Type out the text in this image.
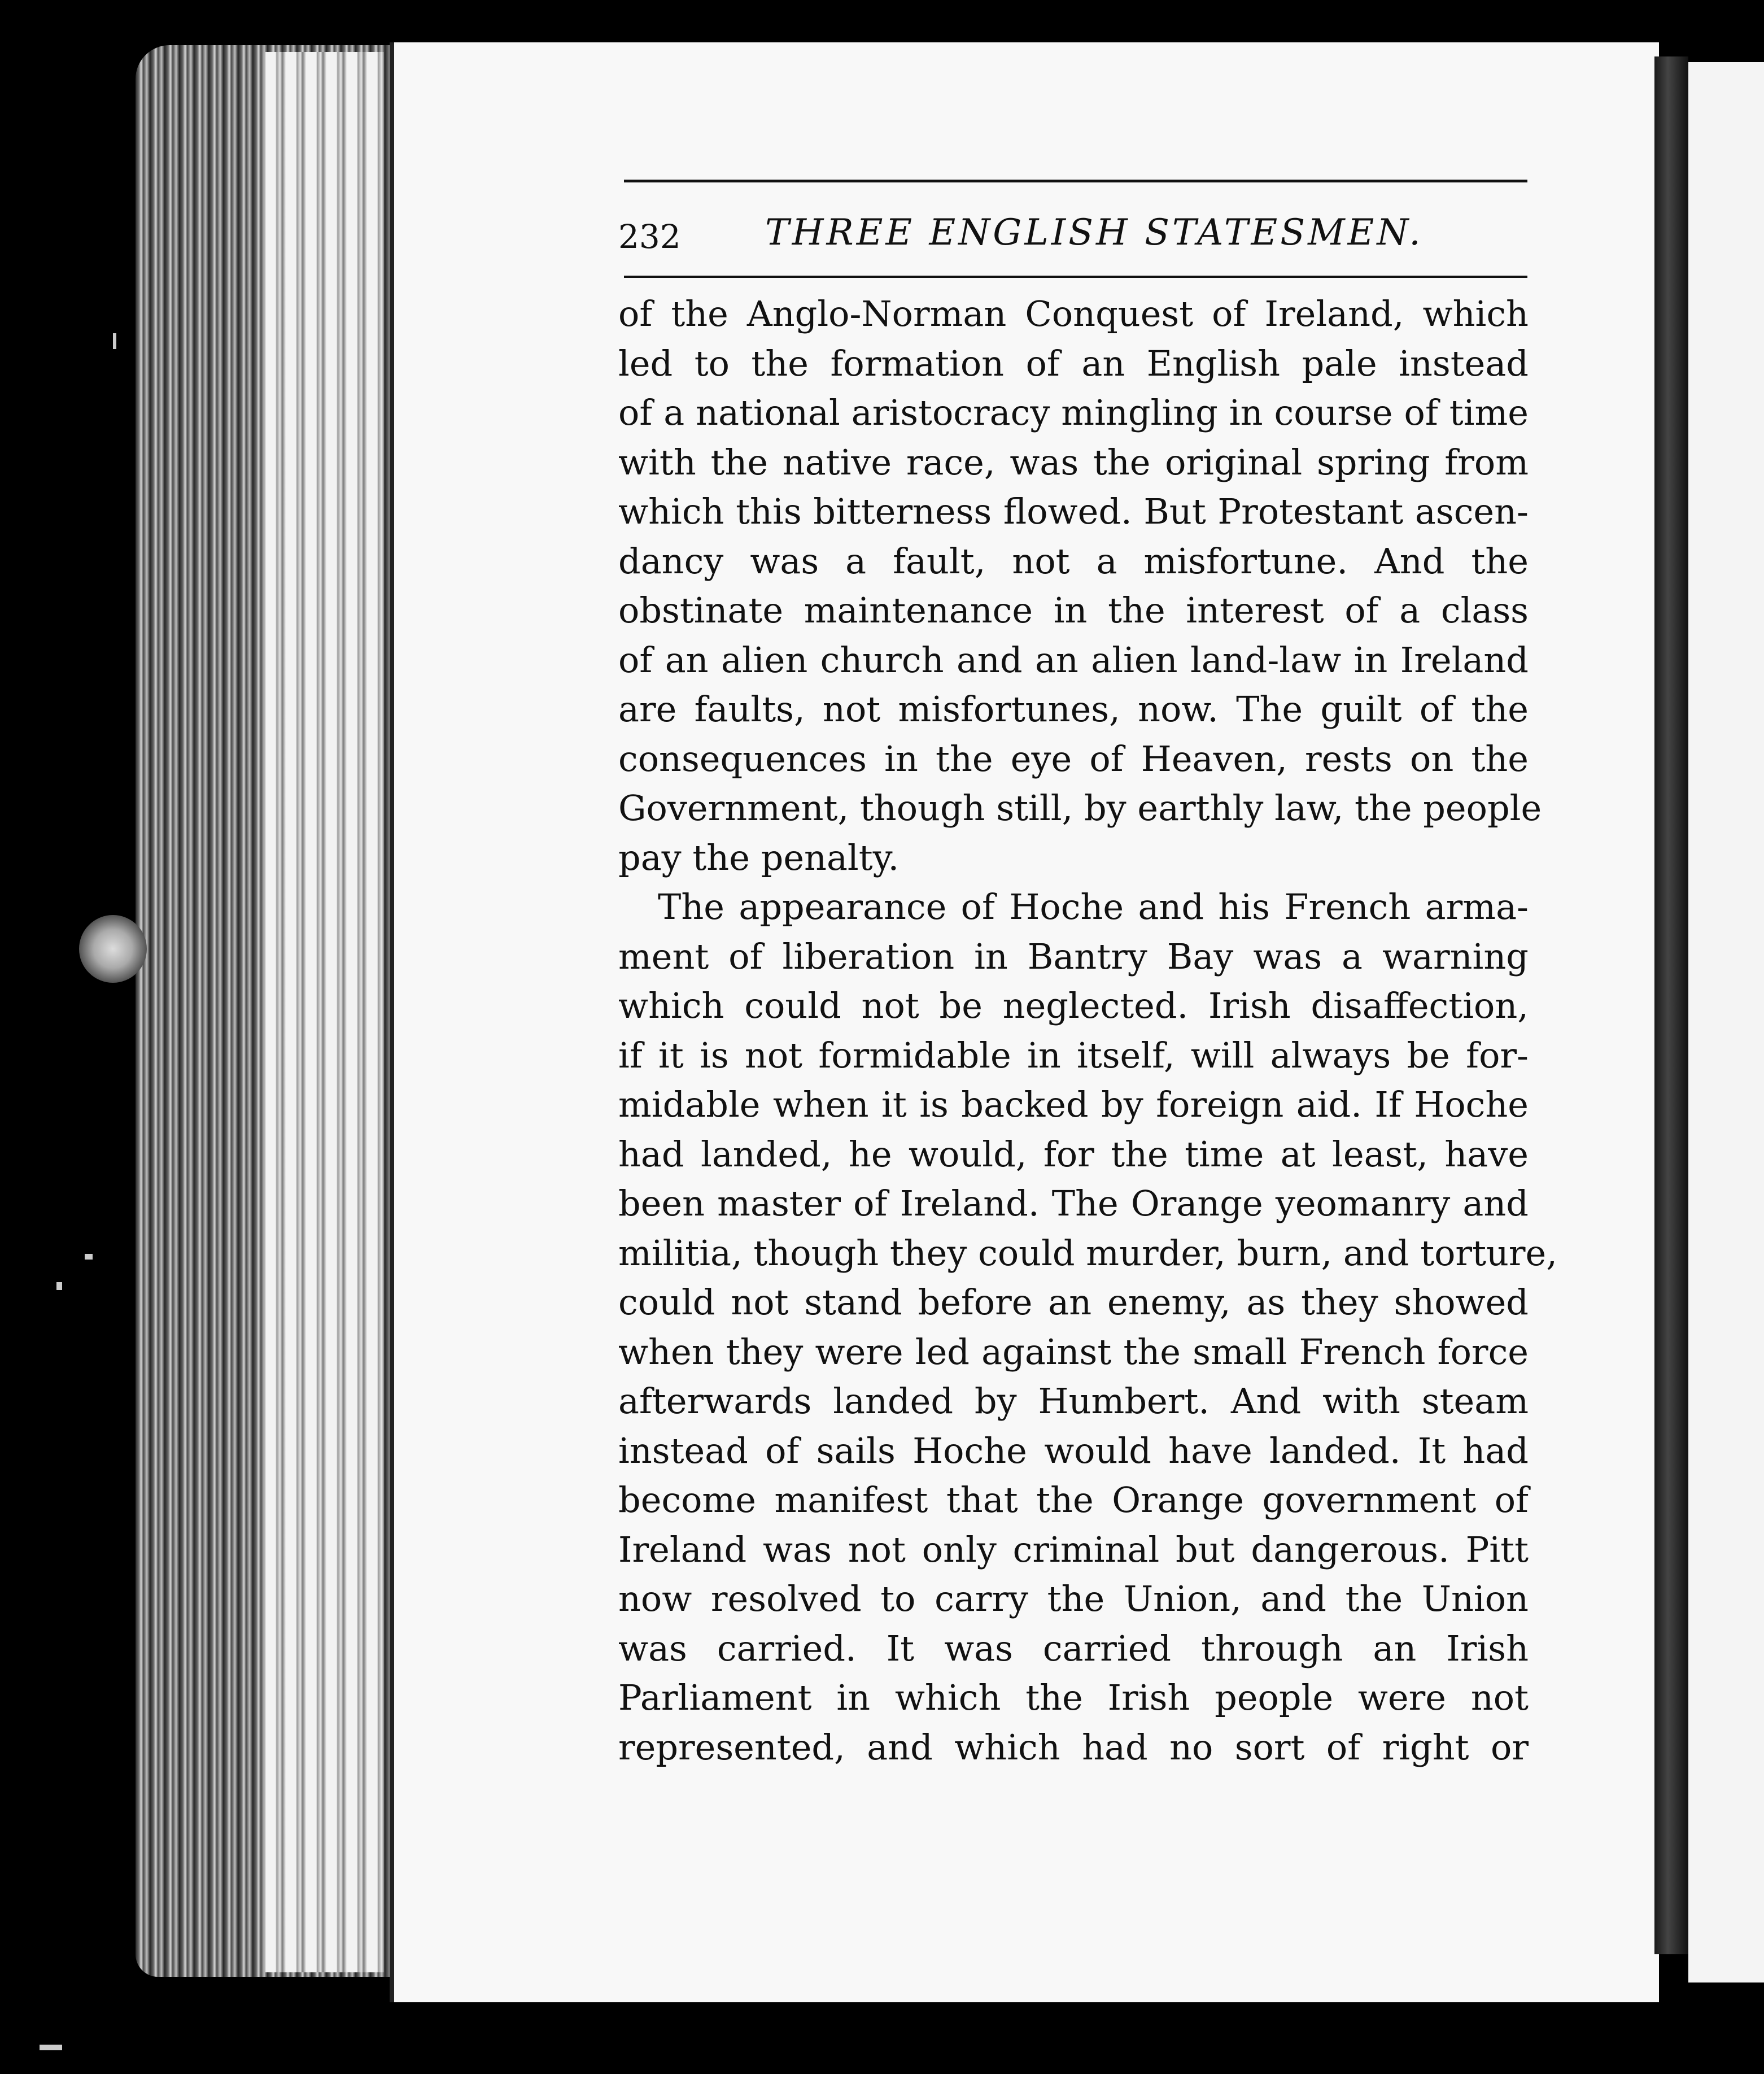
232 THREE ENGLISH STATESMEN.
of the Anglo-Norman Conquest of Ireland, which
led to the formation of an English pale instead
of a national aristocracy mingling in course of time
with the native race, was the original spring from
which this bitterness flowed. But Protestant ascen-
dancy was a fault, not a misfortune. And the
obstinate maintenance in the interest of a class
of an alien church and an alien land-law in Ireland
are faults, not misfortunes, now. The guilt of the
consequences in the eye of Heaven, rests on the
Government, though still, by earthly law, the people
pay the penalty.
The appearance of Hoche and his French arma-
ment of liberation in Bantry Bay was a warning
which could not be neglected. Irish disaffection,
if it is not formidable in itself, will always be for-
midable when it is backed by foreign aid. If Hoche
had landed, he would, for the time at least, have
been master of Ireland. The Orange yeomanry and
militia, though they could murder, burn, and torture,
could not stand before an enemy, as they showed
when they were led against the small French force
afterwards landed by Humbert. And with steam
instead of sails Hoche would have landed. It had
become manifest that the Orange government of
Ireland was not only criminal but dangerous. Pitt
now resolved to carry the Union, and the Union
was carried. It was carried through an Irish
Parliament in which the Irish people were not
represented, and which had no sort of right or
